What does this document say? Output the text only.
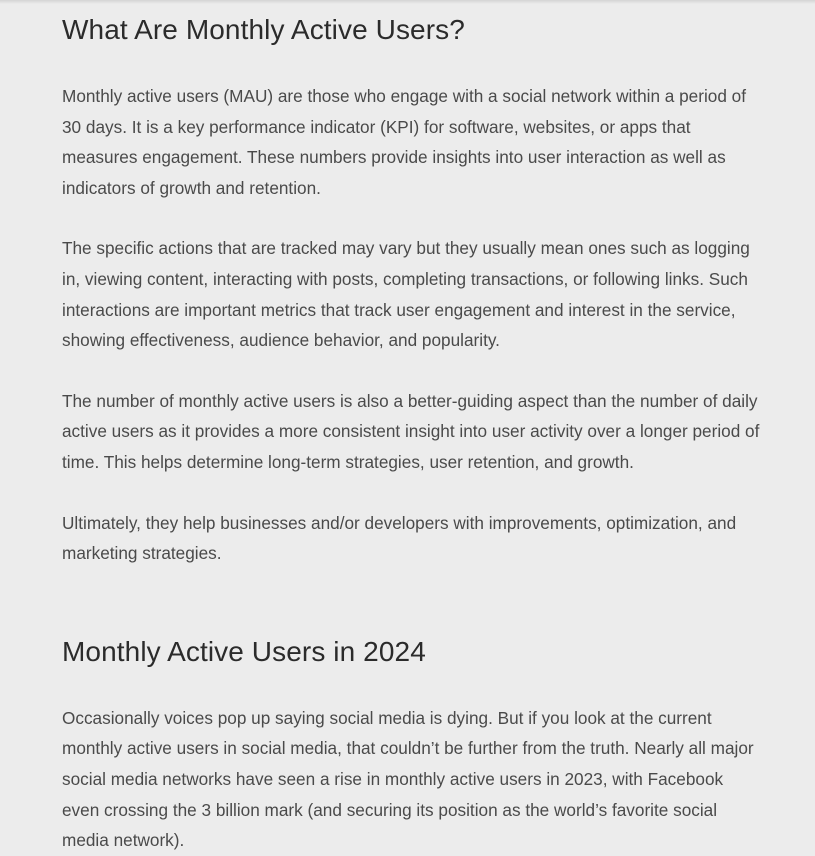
What Are Monthly Active Users?

Monthly active users (MAU) are those who engage with a social network within a period of 30 days. It is a key performance indicator (KPI) for software, websites, or apps that measures engagement. These numbers provide insights into user interaction as well as indicators of growth and retention.

The specific actions that are tracked may vary but they usually mean ones such as logging in, viewing content, interacting with posts, completing transactions, or following links. Such interactions are important metrics that track user engagement and interest in the service, showing effectiveness, audience behavior, and popularity.

The number of monthly active users is also a better-guiding aspect than the number of daily active users as it provides a more consistent insight into user activity over a longer period of time. This helps determine long-term strategies, user retention, and growth.

Ultimately, they help businesses and/or developers with improvements, optimization, and marketing strategies.

Monthly Active Users in 2024

Occasionally voices pop up saying social media is dying. But if you look at the current monthly active users in social media, that couldn’t be further from the truth. Nearly all major social media networks have seen a rise in monthly active users in 2023, with Facebook even crossing the 3 billion mark (and securing its position as the world’s favorite social media network).
